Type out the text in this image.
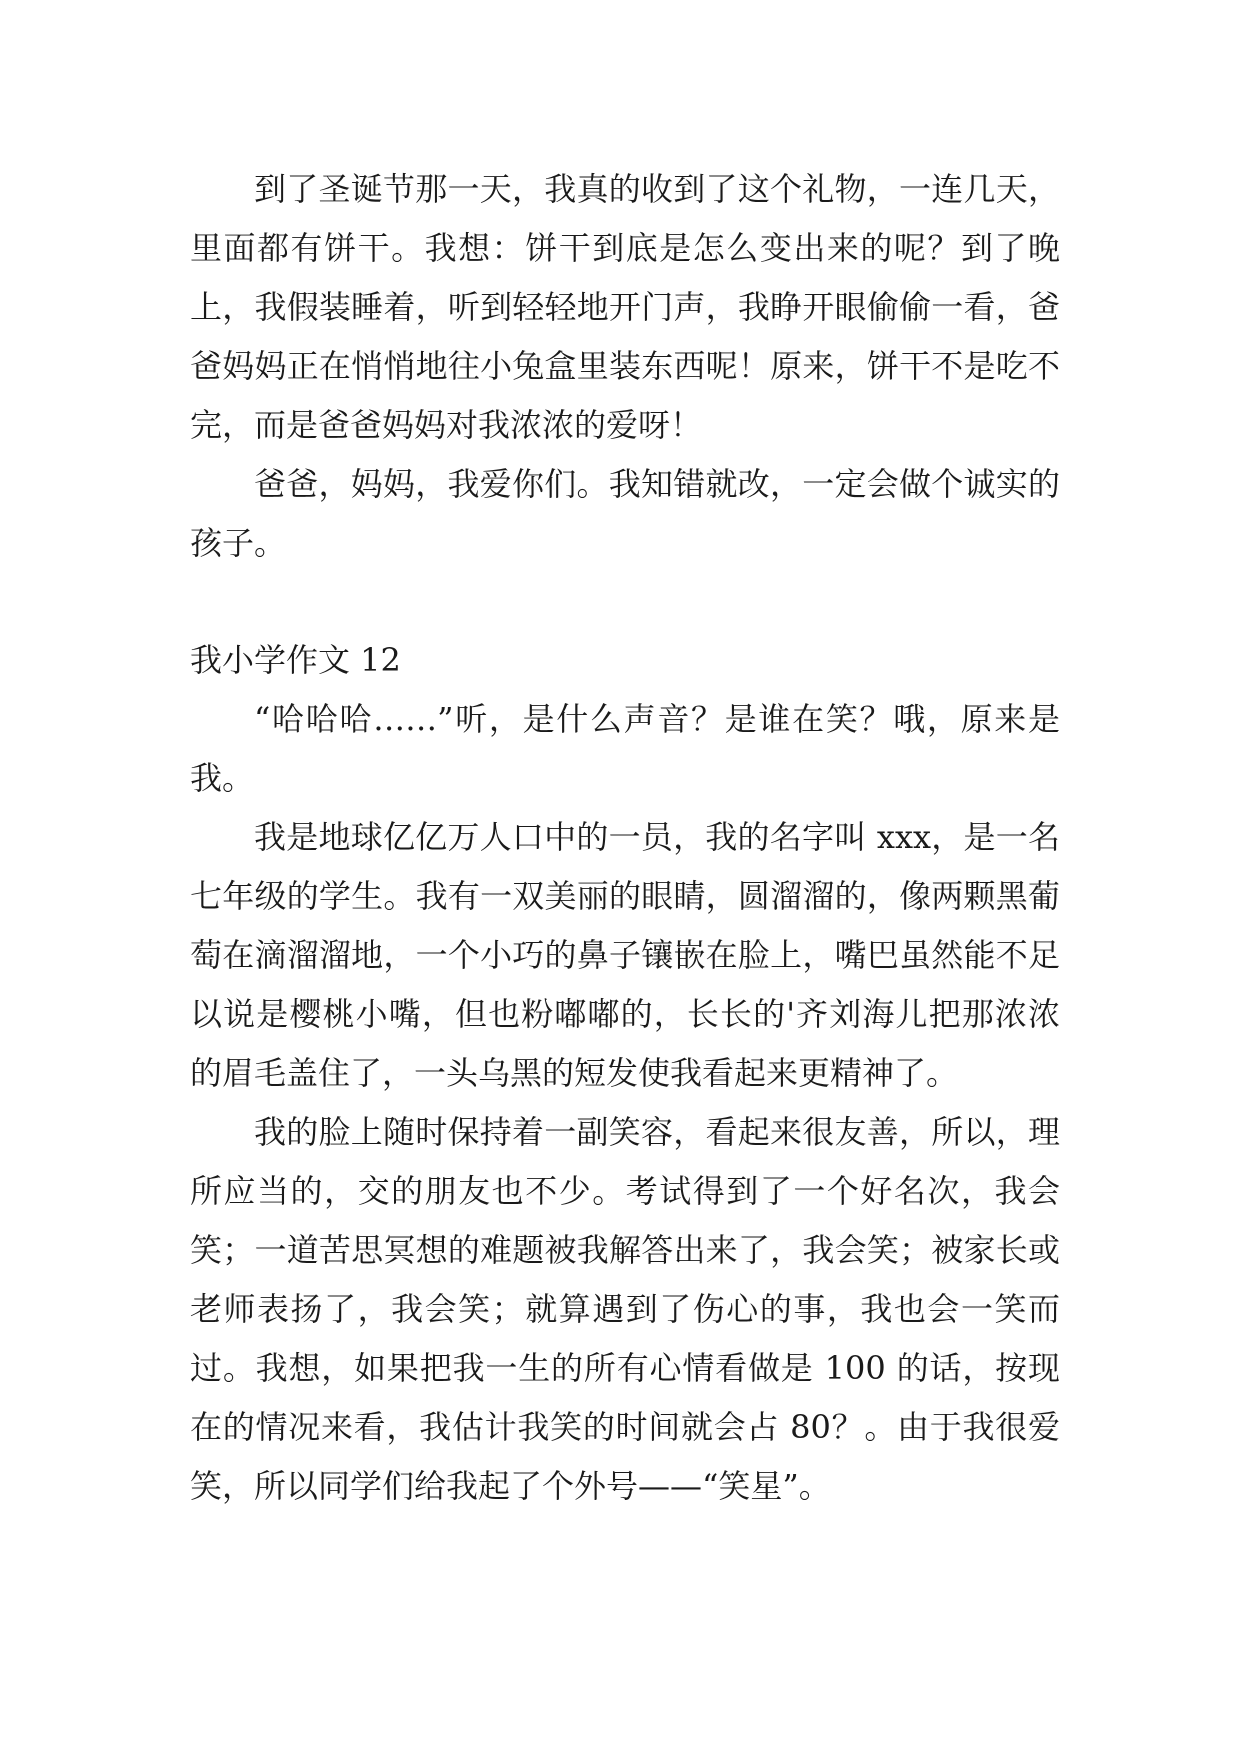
到了圣诞节那一天，我真的收到了这个礼物，一连几天，里面都有饼干。我想：饼干到底是怎么变出来的呢？到了晚上，我假装睡着，听到轻轻地开门声，我睁开眼偷偷一看，爸爸妈妈正在悄悄地往小兔盒里装东西呢！原来，饼干不是吃不完，而是爸爸妈妈对我浓浓的爱呀！

爸爸，妈妈，我爱你们。我知错就改，一定会做个诚实的孩子。

我小学作文 12

“哈哈哈……”听，是什么声音？是谁在笑？哦，原来是我。

我是地球亿亿万人口中的一员，我的名字叫 xxx，是一名七年级的学生。我有一双美丽的眼睛，圆溜溜的，像两颗黑葡萄在滴溜溜地，一个小巧的鼻子镶嵌在脸上，嘴巴虽然能不足以说是樱桃小嘴，但也粉嘟嘟的，长长的'齐刘海儿把那浓浓的眉毛盖住了，一头乌黑的短发使我看起来更精神了。

我的脸上随时保持着一副笑容，看起来很友善，所以，理所应当的，交的朋友也不少。考试得到了一个好名次，我会笑；一道苦思冥想的难题被我解答出来了，我会笑；被家长或老师表扬了，我会笑；就算遇到了伤心的事，我也会一笑而过。我想，如果把我一生的所有心情看做是 100 的话，按现在的情况来看，我估计我笑的时间就会占 80？。由于我很爱笑，所以同学们给我起了个外号——“笑星”。
